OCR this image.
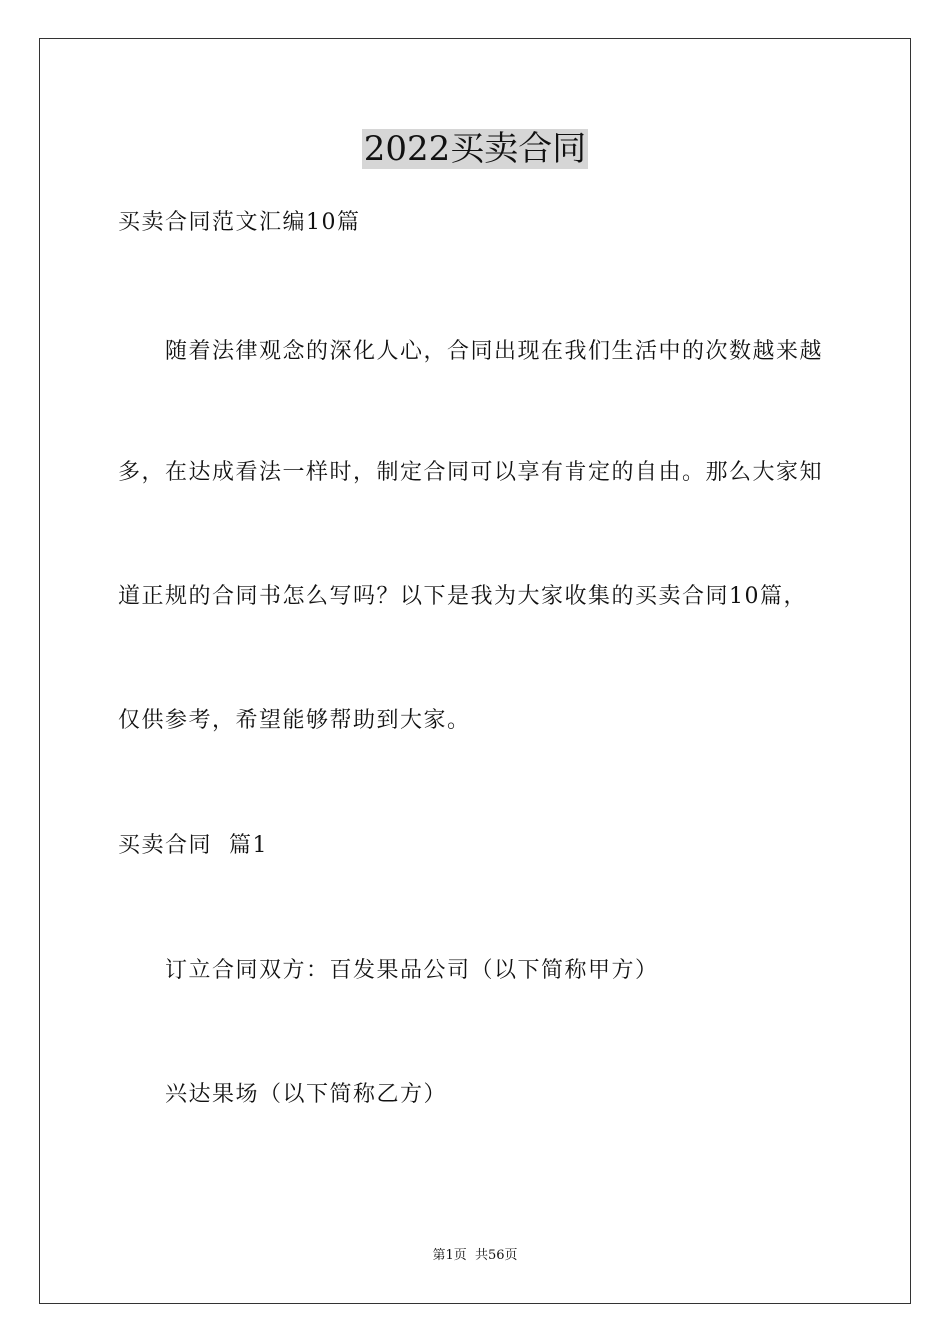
2022买卖合同
买卖合同范文汇编10篇
随着法律观念的深化人心，合同出现在我们生活中的次数越来越
多，在达成看法一样时，制定合同可以享有肯定的自由。那么大家知
道正规的合同书怎么写吗？以下是我为大家收集的买卖合同10篇，
仅供参考，希望能够帮助到大家。
买卖合同  篇1
订立合同双方：百发果品公司（以下简称甲方）
兴达果场（以下简称乙方）
第1页  共56页
